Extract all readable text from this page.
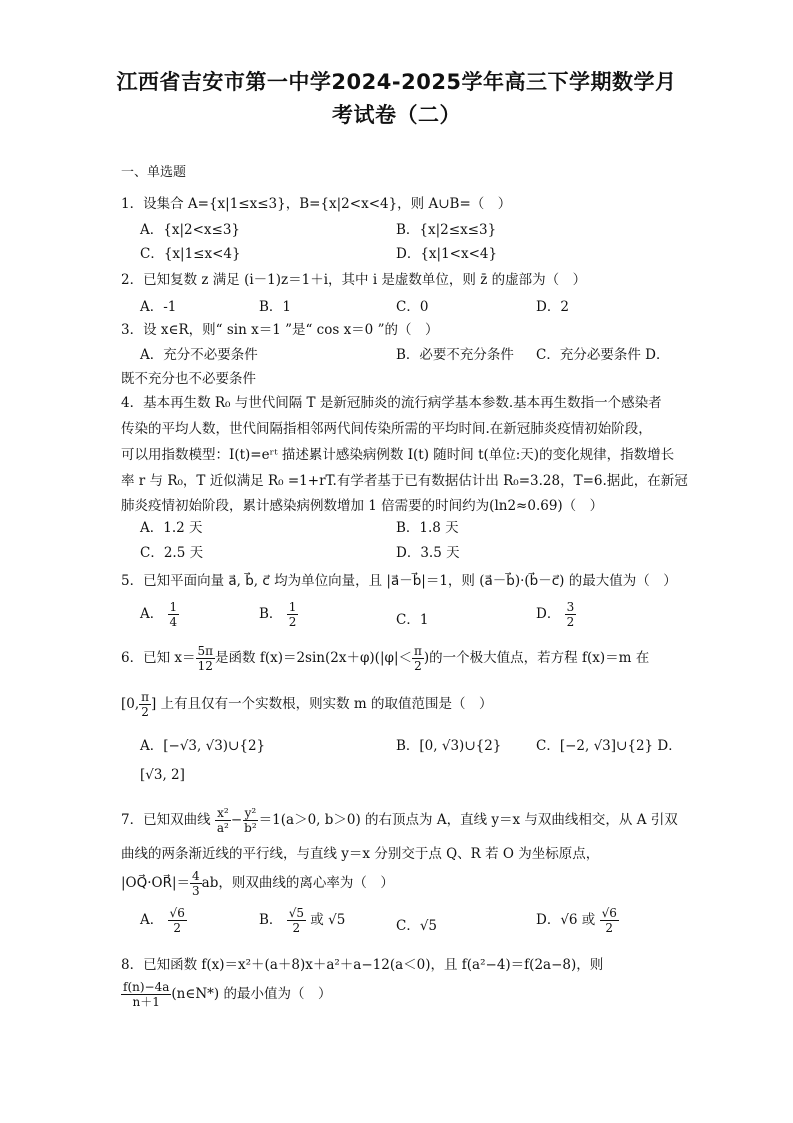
江西省吉安市第一中学2024-2025学年高三下学期数学月
考试卷（二）
一、单选题
1．设集合 A={x|1≤x≤3}，B={x|2<x<4}，则 A∪B=（　）
A．{x|2<x≤3}	B．{x|2≤x≤3}
C．{x|1≤x<4}	D．{x|1<x<4}
2．已知复数 z 满足 (i－1)z＝1＋i，其中 i 是虚数单位，则 z̄ 的虚部为（　）
A．-1	B．1	C．0	D．2
3．设 x∈R，则“ sin x＝1 ”是“ cos x＝0 ”的（　）
A．充分不必要条件	B．必要不充分条件 C．充分必要条件 D．
既不充分也不必要条件
4．基本再生数 R₀ 与世代间隔 T 是新冠肺炎的流行病学基本参数.基本再生数指一个感染者
传染的平均人数，世代间隔指相邻两代间传染所需的平均时间.在新冠肺炎疫情初始阶段，
可以用指数模型：I(t)=eʳᵗ 描述累计感染病例数 I(t) 随时间 t(单位:天)的变化规律，指数增长
率 r 与 R₀，T 近似满足 R₀ =1+rT.有学者基于已有数据估计出 R₀=3.28，T=6.据此，在新冠
肺炎疫情初始阶段，累计感染病例数增加 1 倍需要的时间约为(ln2≈0.69)（　）
A．1.2 天	B．1.8 天
C．2.5 天	D．3.5 天
5．已知平面向量 a⃗, b⃗, c⃗ 均为单位向量，且 |a⃗－b⃗|＝1，则 (a⃗－b⃗)·(b⃗－c⃗) 的最大值为（　）
A． $\frac{1}{4}$	B． $\frac{1}{2}$	C．1	D． $\frac{3}{2}$
6．已知 $x= \frac{5\pi}{12}$ 是函数 $f(x)=2\sin(2x+\varphi)(|\varphi|< \frac{\pi}{2}$ )的一个极大值点，若方程 f(x)＝m 在
[0, $\frac{\pi}{2}$ ] 上有且仅有一个实数根，则实数 m 的取值范围是（　）
A．[−√3, √3)∪{2}	B．[0, √3)∪{2}	C．[−2, √3]∪{2} D．
[√3, 2]
7．已知双曲线 $\frac{\text{x²}}{\text{a²}} - \frac{\text{y²}}{\text{b²}} =1(a>0$, b＞0) 的右顶点为 A，直线 y＝x 与双曲线相交，从 A 引双
曲线的两条渐近线的平行线，与直线 y＝x 分别交于点 Q、R 若 O 为坐标原点，
|OQ⃗·OR⃗|＝ $\frac{4}{3}$ ab，则双曲线的离心率为（　）
A． $\frac{√6}{2}$	B． $\frac{√5}{2}$ 或 √5	C．√5	D．√6 或 $\frac{√6}{2}$
8．已知函数 f(x)＝x²＋(a＋8)x＋a²＋a−12(a＜0)，且 f(a²−4)＝f(2a−8)，则
$\frac{f(n)-4a}{n+1}$ (n∈N*) 的最小值为（　）
